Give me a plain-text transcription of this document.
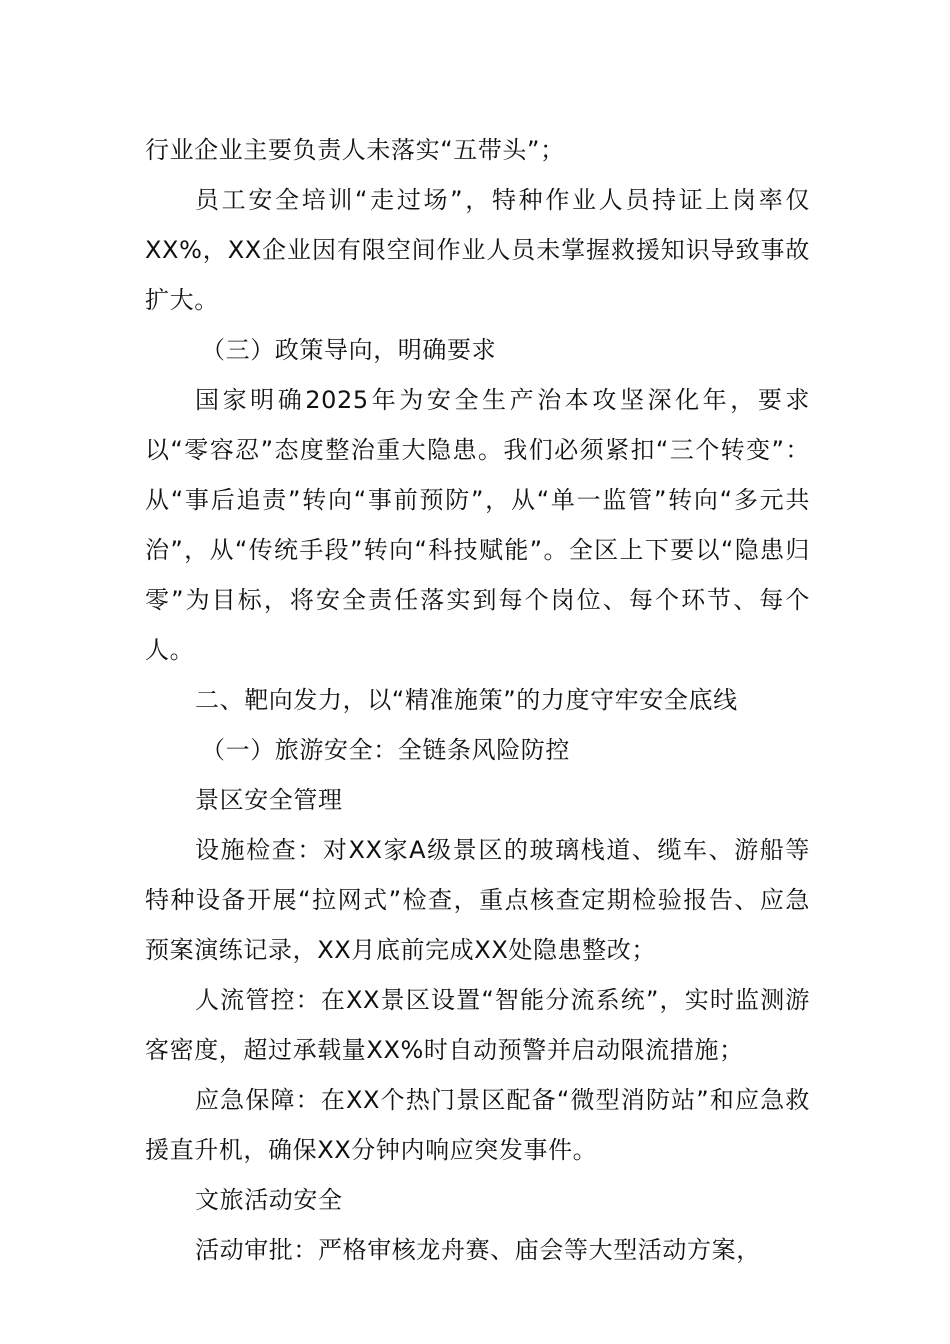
行业企业主要负责人未落实“五带头”；

员工安全培训“走过场”，特种作业人员持证上岗率仅XX%，XX企业因有限空间作业人员未掌握救援知识导致事故扩大。

（三）政策导向，明确要求

国家明确2025年为安全生产治本攻坚深化年，要求以“零容忍”态度整治重大隐患。我们必须紧扣“三个转变”：从“事后追责”转向“事前预防”，从“单一监管”转向“多元共治”，从“传统手段”转向“科技赋能”。全区上下要以“隐患归零”为目标，将安全责任落实到每个岗位、每个环节、每个人。

二、靶向发力，以“精准施策”的力度守牢安全底线

（一）旅游安全：全链条风险防控

景区安全管理

设施检查：对XX家A级景区的玻璃栈道、缆车、游船等特种设备开展“拉网式”检查，重点核查定期检验报告、应急预案演练记录，XX月底前完成XX处隐患整改；

人流管控：在XX景区设置“智能分流系统”，实时监测游客密度，超过承载量XX%时自动预警并启动限流措施；

应急保障：在XX个热门景区配备“微型消防站”和应急救援直升机，确保XX分钟内响应突发事件。

文旅活动安全

活动审批：严格审核龙舟赛、庙会等大型活动方案，
